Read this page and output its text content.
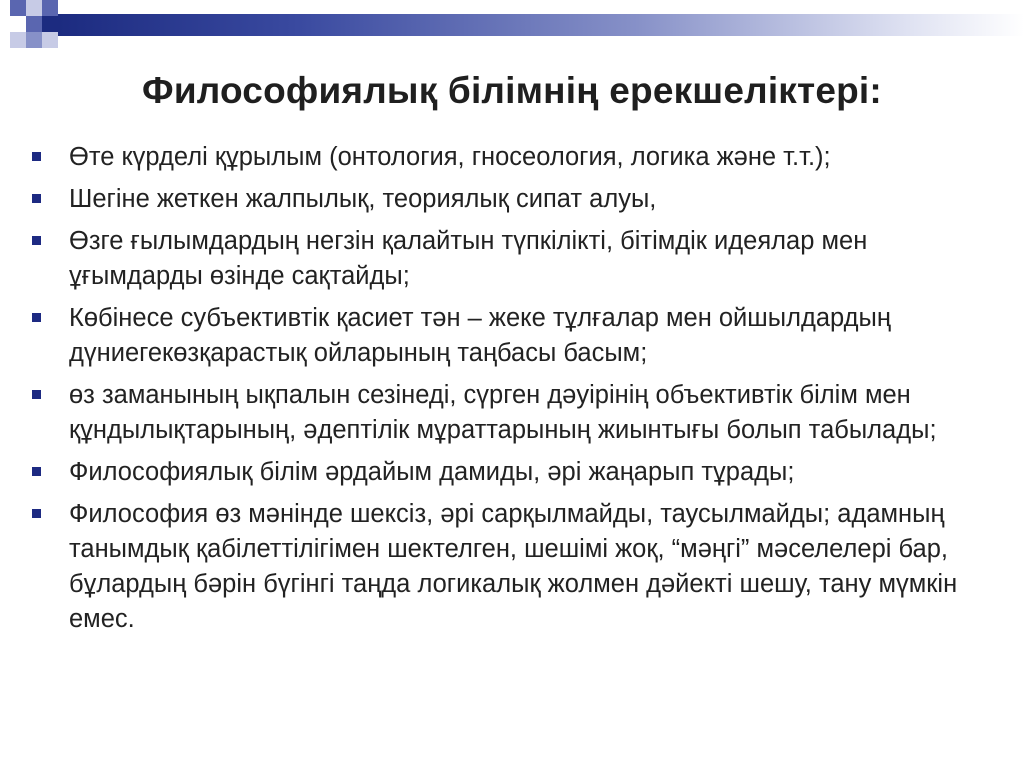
Философиялық білімнің ерекшеліктері:
Өте күрделі құрылым (онтология, гносеология, логика және т.т.);
Шегіне жеткен жалпылық, теориялық сипат алуы,
Өзге ғылымдардың негзін қалайтын түпкілікті, бітімдік идеялар мен ұғымдарды өзінде сақтайды;
Көбінесе субъективтік қасиет тән – жеке тұлғалар мен ойшылдардың дүниегекөзқарастық ойларының таңбасы басым;
өз заманының ықпалын сезінеді, сүрген дәуірінің объективтік білім мен құндылықтарының, әдептілік мұраттарының жиынтығы болып табылады;
Философиялық білім әрдайым дамиды, әрі жаңарып тұрады;
Философия өз мәнінде шексіз, әрі сарқылмайды, таусылмайды; адамның танымдық қабілеттілігімен шектелген, шешімі жоқ, “мәңгі” мәселелері бар, бұлардың бәрін бүгінгі таңда логикалық жолмен дәйекті шешу, тану мүмкін емес.
